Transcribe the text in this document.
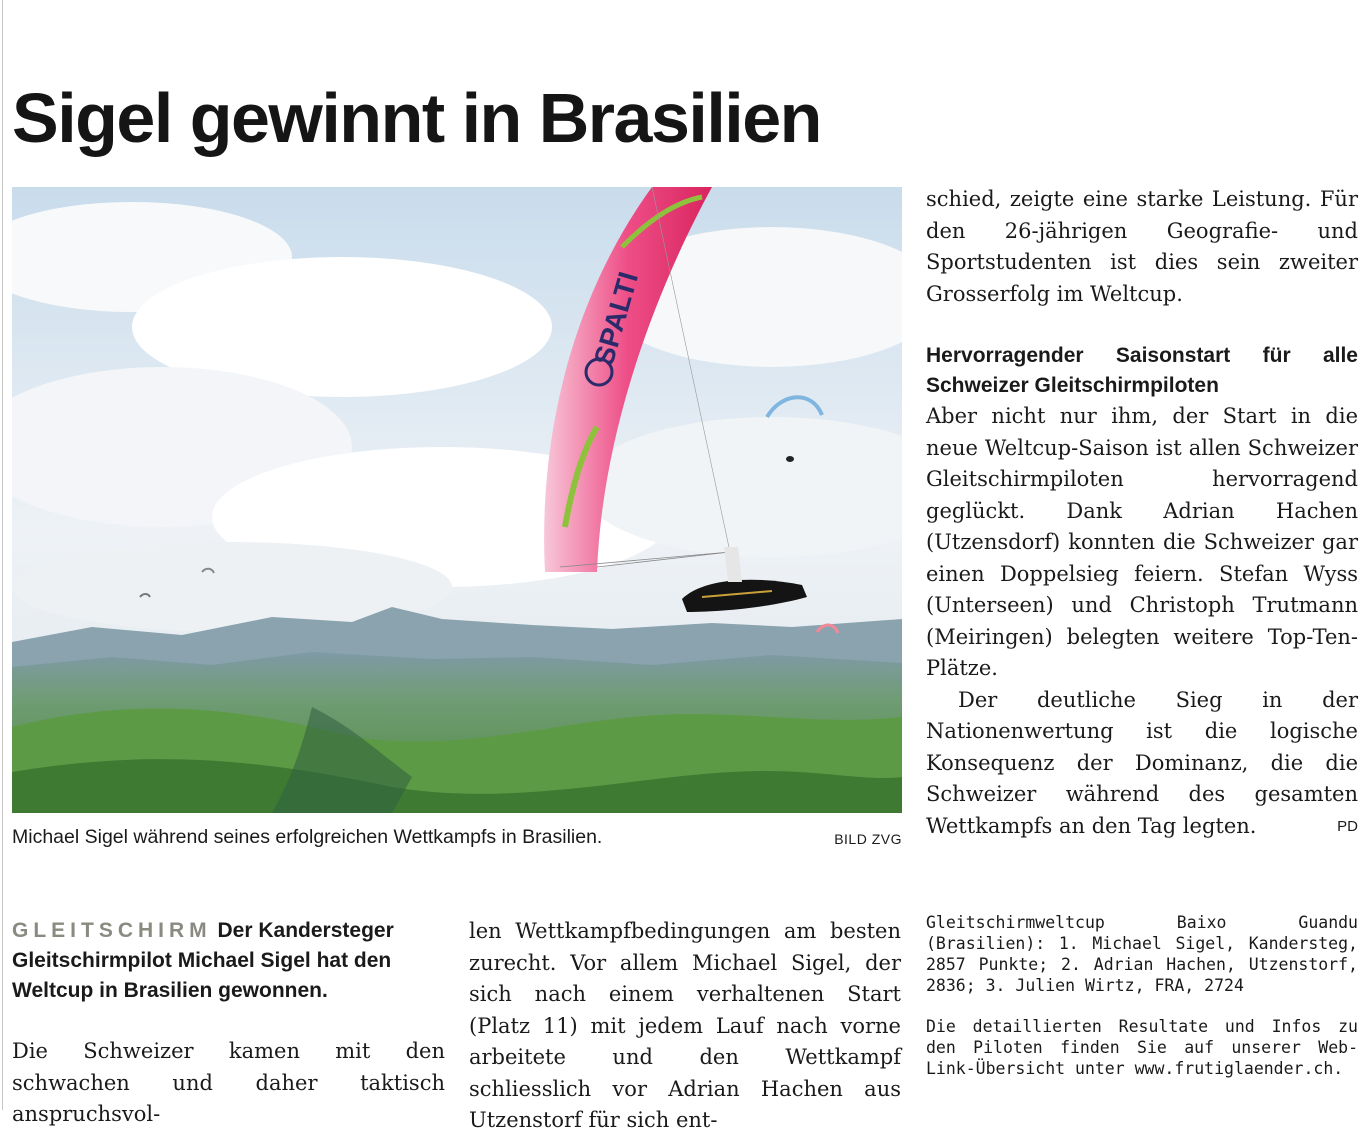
Sigel gewinnt in Brasilien
SPALTI
Michael Sigel während seines erfolgreichen Wettkampfs in Brasilien.	BILD ZVG

schied, zeigte eine starke Leistung. Für den 26-jährigen Geografie- und Sportstudenten ist dies sein zweiter Grosserfolg im Weltcup.

Hervorragender Saisonstart für alle Schweizer Gleitschirmpiloten

Aber nicht nur ihm, der Start in die neue Weltcup-Saison ist allen Schweizer Gleitschirmpiloten hervorragend geglückt. Dank Adrian Hachen (Utzensdorf) konnten die Schweizer gar einen Doppelsieg feiern. Stefan Wyss (Unterseen) und Christoph Trutmann (Meiringen) belegten weitere Top-Ten-Plätze.

Der deutliche Sieg in der Nationenwertung ist die logische Konsequenz der Dominanz, die die Schweizer während des gesamten Wettkampfs an den Tag legten.	PD

GLEITSCHIRM Der Kandersteger Gleitschirmpilot Michael Sigel hat den Weltcup in Brasilien gewonnen.

Die Schweizer kamen mit den schwachen und daher taktisch anspruchsvol-

len Wettkampfbedingungen am besten zurecht. Vor allem Michael Sigel, der sich nach einem verhaltenen Start (Platz 11) mit jedem Lauf nach vorne arbeitete und den Wettkampf schliesslich vor Adrian Hachen aus Utzenstorf für sich ent-

Gleitschirmweltcup Baixo Guandu (Brasilien): 1. Michael Sigel, Kandersteg, 2857 Punkte; 2. Adrian Hachen, Utzenstorf, 2836; 3. Julien Wirtz, FRA, 2724

Die detaillierten Resultate und Infos zu den Piloten finden Sie auf unserer Web-Link-Übersicht unter www.frutiglaender.ch.
